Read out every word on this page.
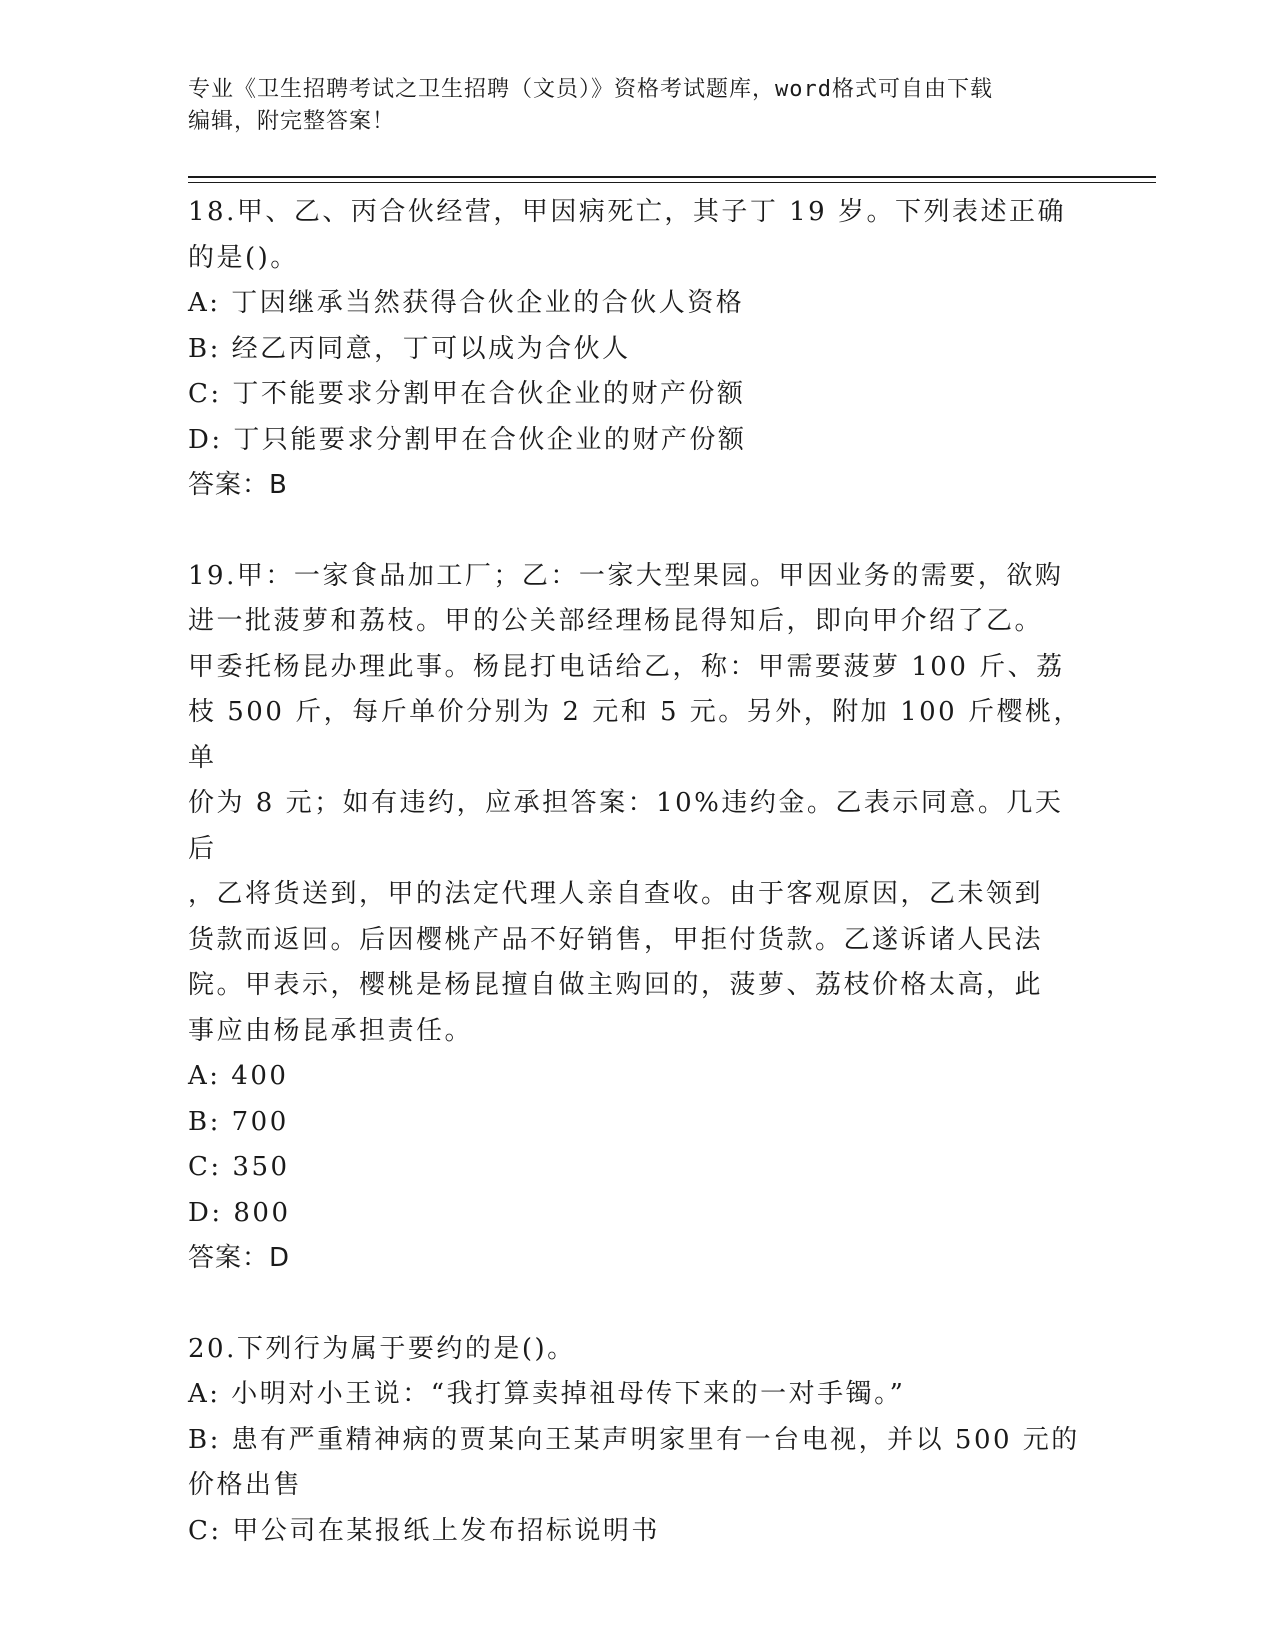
专业《卫生招聘考试之卫生招聘（文员）》资格考试题库，word格式可自由下载
编辑，附完整答案！
18.甲、乙、丙合伙经营，甲因病死亡，其子丁 19 岁。下列表述正确
的是()。
A: 丁因继承当然获得合伙企业的合伙人资格
B: 经乙丙同意，丁可以成为合伙人
C: 丁不能要求分割甲在合伙企业的财产份额
D: 丁只能要求分割甲在合伙企业的财产份额
答案：B
19.甲：一家食品加工厂；乙：一家大型果园。甲因业务的需要，欲购
进一批菠萝和荔枝。甲的公关部经理杨昆得知后，即向甲介绍了乙。
甲委托杨昆办理此事。杨昆打电话给乙，称：甲需要菠萝 100 斤、荔
枝 500 斤，每斤单价分别为 2 元和 5 元。另外，附加 100 斤樱桃，单
价为 8 元；如有违约，应承担答案：10%违约金。乙表示同意。几天后
，乙将货送到，甲的法定代理人亲自查收。由于客观原因，乙未领到
货款而返回。后因樱桃产品不好销售，甲拒付货款。乙遂诉诸人民法
院。甲表示，樱桃是杨昆擅自做主购回的，菠萝、荔枝价格太高，此
事应由杨昆承担责任。
A: 400
B: 700
C: 350
D: 800
答案：D
20.下列行为属于要约的是()。
A: 小明对小王说：“我打算卖掉祖母传下来的一对手镯。”
B: 患有严重精神病的贾某向王某声明家里有一台电视，并以 500 元的
价格出售
C: 甲公司在某报纸上发布招标说明书
